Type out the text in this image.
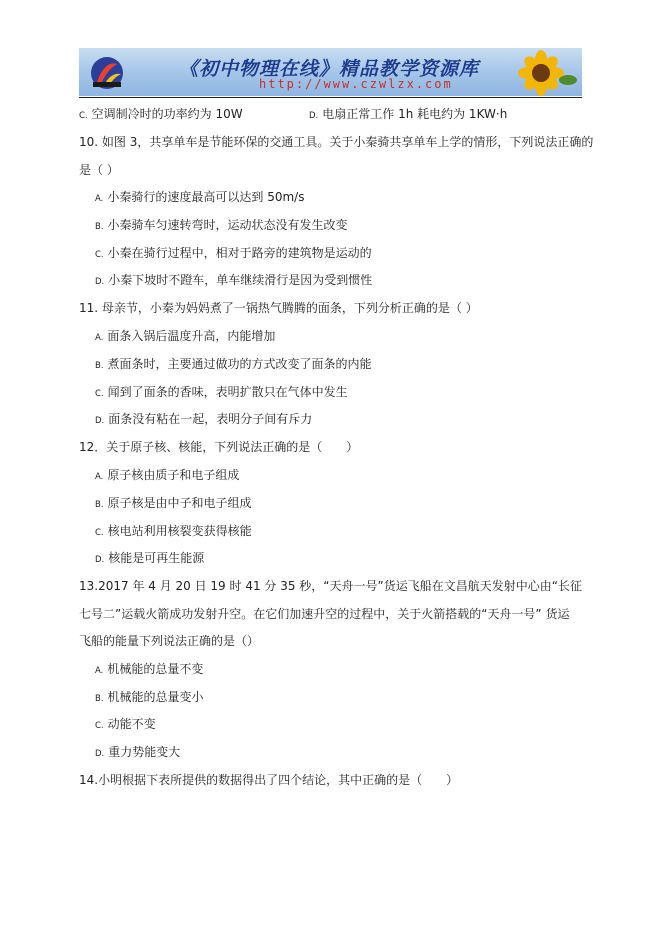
《初中物理在线》精品教学资源库
http://www.czwlzx.com
C. 空调制冷时的功率约为 10W	D. 电扇正常工作 1h 耗电约为 1KW·h
10. 如图 3，共享单车是节能环保的交通工具。关于小秦骑共享单车上学的情形，下列说法正确的
是（ ）
A. 小秦骑行的速度最高可以达到 50m/s
B. 小秦骑车匀速转弯时，运动状态没有发生改变
C. 小秦在骑行过程中，相对于路旁的建筑物是运动的
D. 小秦下坡时不蹬车，单车继续滑行是因为受到惯性
11. 母亲节，小秦为妈妈煮了一锅热气腾腾的面条，下列分析正确的是（ ）
A. 面条入锅后温度升高，内能增加
B. 煮面条时，主要通过做功的方式改变了面条的内能
C. 闻到了面条的香味，表明扩散只在气体中发生
D. 面条没有粘在一起，表明分子间有斥力
12．关于原子核、核能，下列说法正确的是（　　）
A. 原子核由质子和电子组成
B. 原子核是由中子和电子组成
C. 核电站利用核裂变获得核能
D. 核能是可再生能源
13.2017 年 4 月 20 日 19 时 41 分 35 秒，“天舟一号”货运飞船在文昌航天发射中心由“长征
七号二”运载火箭成功发射升空。在它们加速升空的过程中，关于火箭搭载的“天舟一号” 货运
飞船的能量下列说法正确的是（）
A. 机械能的总量不变
B. 机械能的总量变小
C. 动能不变
D. 重力势能变大
14.小明根据下表所提供的数据得出了四个结论，其中正确的是（　　）
